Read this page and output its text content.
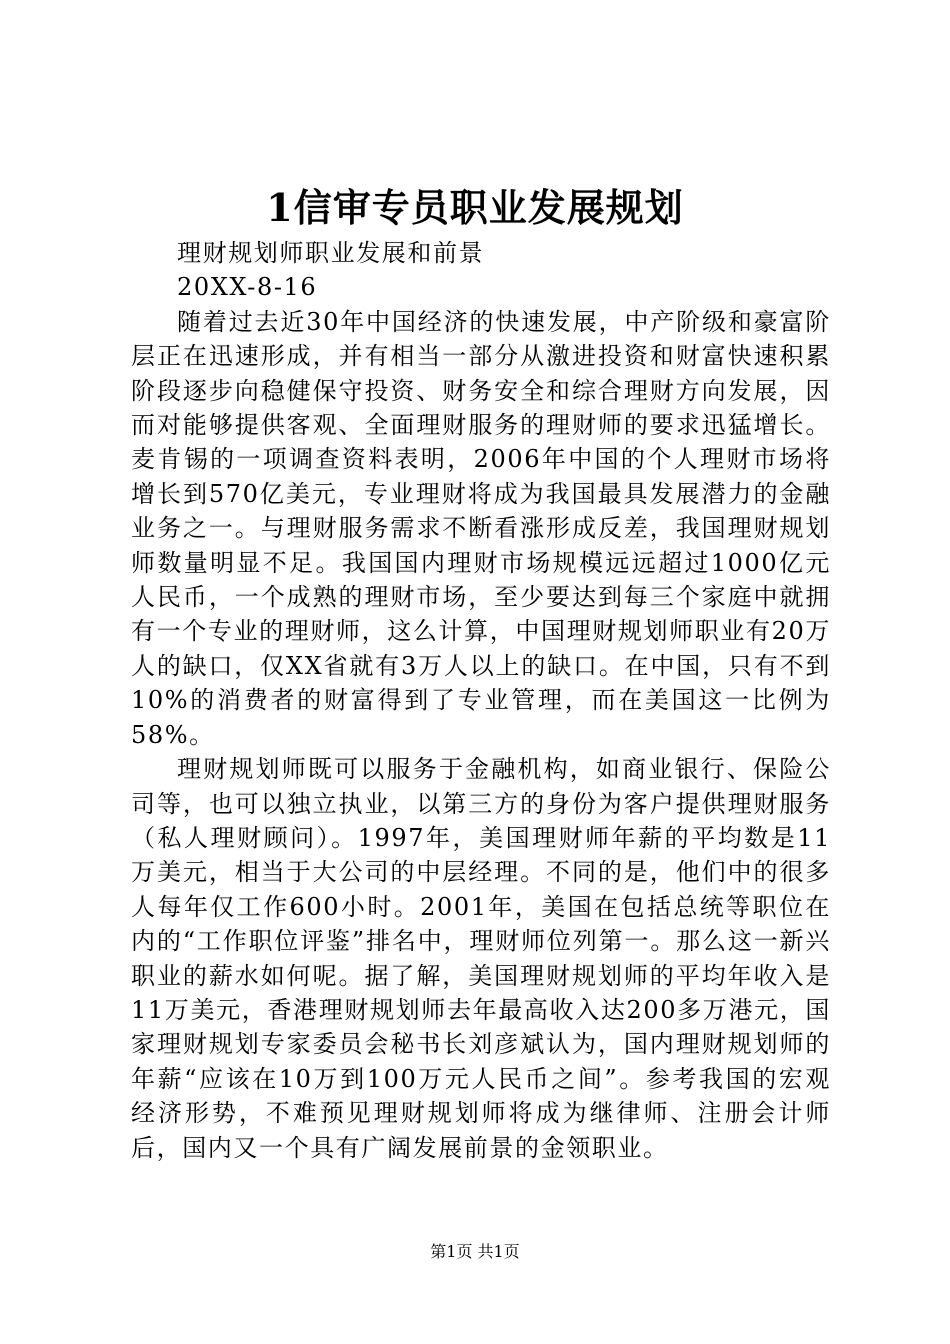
1信审专员职业发展规划

理财规划师职业发展和前景

20XX-8-16

随着过去近30年中国经济的快速发展，中产阶级和豪富阶层正在迅速形成，并有相当一部分从激进投资和财富快速积累阶段逐步向稳健保守投资、财务安全和综合理财方向发展，因而对能够提供客观、全面理财服务的理财师的要求迅猛增长。麦肯锡的一项调查资料表明，2006年中国的个人理财市场将增长到570亿美元，专业理财将成为我国最具发展潜力的金融业务之一。与理财服务需求不断看涨形成反差，我国理财规划师数量明显不足。我国国内理财市场规模远远超过1000亿元人民币，一个成熟的理财市场，至少要达到每三个家庭中就拥有一个专业的理财师，这么计算，中国理财规划师职业有20万人的缺口，仅XX省就有3万人以上的缺口。在中国，只有不到10%的消费者的财富得到了专业管理，而在美国这一比例为58%。

理财规划师既可以服务于金融机构，如商业银行、保险公司等，也可以独立执业，以第三方的身份为客户提供理财服务（私人理财顾问）。1997年，美国理财师年薪的平均数是11万美元，相当于大公司的中层经理。不同的是，他们中的很多人每年仅工作600小时。2001年，美国在包括总统等职位在内的“工作职位评鉴”排名中，理财师位列第一。那么这一新兴职业的薪水如何呢。据了解，美国理财规划师的平均年收入是11万美元，香港理财规划师去年最高收入达200多万港元，国家理财规划专家委员会秘书长刘彦斌认为，国内理财规划师的年薪“应该在10万到100万元人民币之间”。参考我国的宏观经济形势，不难预见理财规划师将成为继律师、注册会计师后，国内又一个具有广阔发展前景的金领职业。

第1页 共1页
